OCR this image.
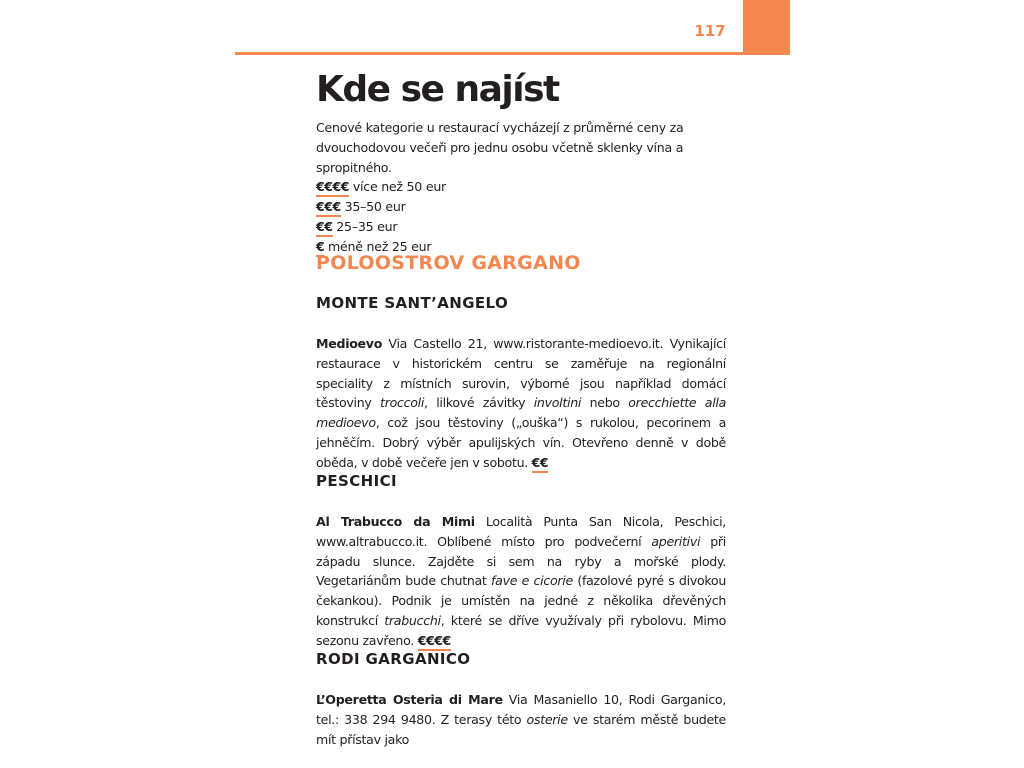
117
Kde se najíst

Cenové kategorie u restaurací vycházejí z průměrné ceny za dvouchodovou večeři pro jednu osobu včetně sklenky vína a spropitného.

€€€€ více než 50 eur

€€€ 35–50 eur

€€ 25–35 eur

€ méně než 25 eur

POLOOSTROV GARGANO
MONTE SANT’ANGELO

Medioevo Via Castello 21, www.ristorante-medioevo.it. Vynikající restaurace v historickém centru se zaměřuje na regionální speciality z místních surovin, výborné jsou například domácí těstoviny troccoli, lilkové závitky involtini nebo orecchiette alla medioevo, což jsou těstoviny („ouška“) s rukolou, pecorinem a jehněčím. Dobrý výběr apulijských vín. Otevřeno denně v době oběda, v době večeře jen v sobotu. €€

PESCHICI

Al Trabucco da Mimi Località Punta San Nicola, Peschici, www.altrabucco.it. Oblíbené místo pro podvečerní aperitivi při západu slunce. Zajděte si sem na ryby a mořské plody. Vegetariánům bude chutnat fave e cicorie (fazolové pyré s divokou čekankou). Podnik je umístěn na jedné z několika dřevěných konstrukcí trabucchi, které se dříve využívaly při rybolovu. Mimo sezonu zavřeno. €€€€

RODI GARGANICO

L’Operetta Osteria di Mare Via Masaniello 10, Rodi Garganico, tel.: 338 294 9480. Z terasy této osterie ve starém městě budete mít přístav jako
